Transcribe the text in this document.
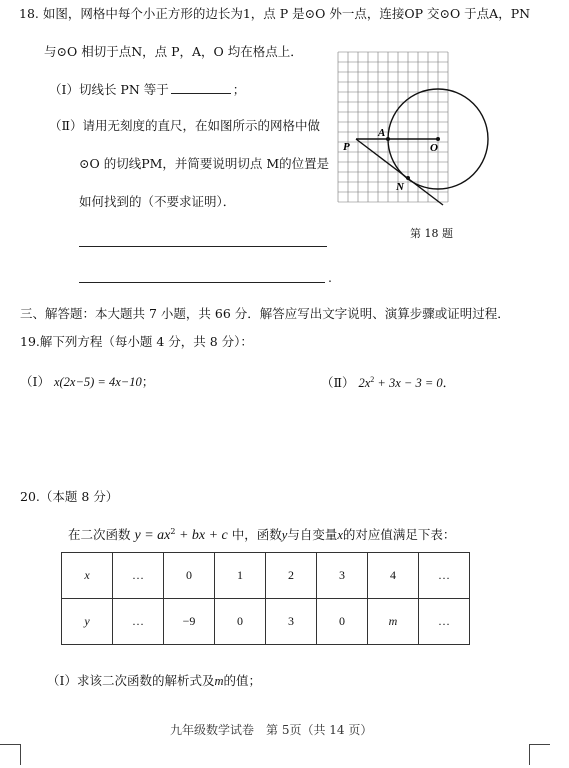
18. 如图，网格中每个小正方形的边长为1，点 P 是⊙O 外一点，连接OP 交⊙O 于点A，PN
与⊙O 相切于点N，点 P，A，O 均在格点上．
（Ⅰ）切线长 PN 等于	；
（Ⅱ）请用无刻度的直尺，在如图所示的网格中做
⊙O 的切线PM，并简要说明切点 M的位置是
如何找到的（不要求证明）．
.
P
A
O
N
第 18 题
三、解答题：本大题共 7 小题，共 66 分．解答应写出文字说明、演算步骤或证明过程．
19.解下列方程（每小题 4 分，共 8 分）：
（Ⅰ） x(2x−5) = 4x−10；	（Ⅱ） $2x^2 + 3x - 3 = 0$．
20.（本题 8 分）
在二次函数 $y = ax^2$ + bx + c 中，函数y与自变量x的对应值满足下表：
x	…	0	1	2	3	4	…
y	…	−9	0	3	0	m	…
（Ⅰ）求该二次函数的解析式及m的值；
九年级数学试卷　第 5页（共 14 页）
